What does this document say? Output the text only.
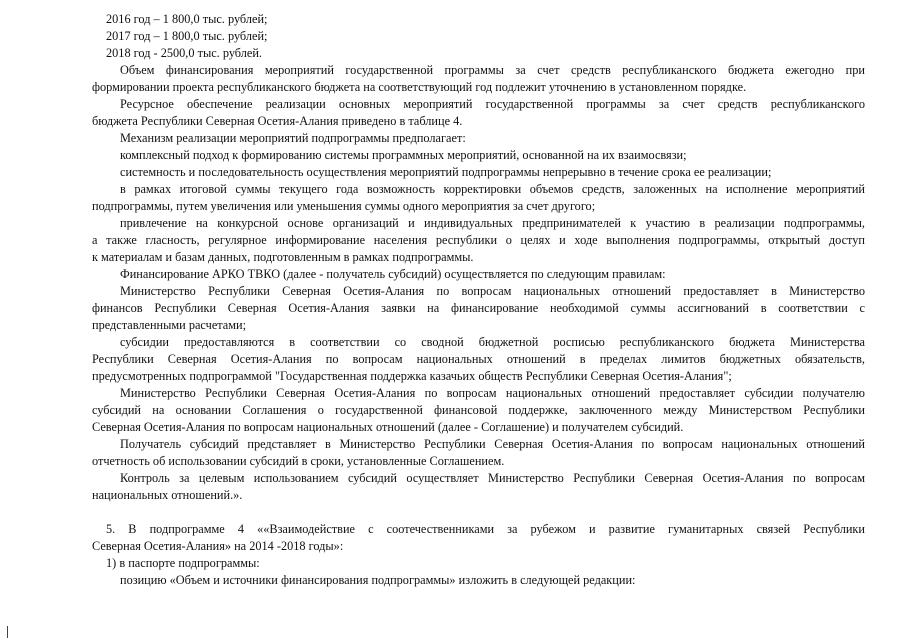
2016 год – 1 800,0 тыс. рублей;
2017 год – 1 800,0 тыс. рублей;
2018 год - 2500,0 тыс. рублей.
Объем финансирования мероприятий государственной программы за счет средств республиканского бюджета ежегодно при
формировании проекта республиканского бюджета на соответствующий год подлежит уточнению в установленном порядке.
Ресурсное обеспечение реализации основных мероприятий государственной программы за счет средств республиканского
бюджета Республики Северная Осетия-Алания приведено в таблице 4.
Механизм реализации мероприятий подпрограммы предполагает:
комплексный подход к формированию системы программных мероприятий, основанной на их взаимосвязи;
системность и последовательность осуществления мероприятий подпрограммы непрерывно в течение срока ее реализации;
в рамках итоговой суммы текущего года возможность корректировки объемов средств, заложенных на исполнение мероприятий
подпрограммы, путем увеличения или уменьшения суммы одного мероприятия за счет другого;
привлечение на конкурсной основе организаций и индивидуальных предпринимателей к участию в реализации подпрограммы,
а также гласность, регулярное информирование населения республики о целях и ходе выполнения подпрограммы, открытый доступ
к материалам и базам данных, подготовленным в рамках подпрограммы.
Финансирование АРКО ТВКО (далее - получатель субсидий) осуществляется по следующим правилам:
Министерство Республики Северная Осетия-Алания по вопросам национальных отношений предоставляет в Министерство
финансов Республики Северная Осетия-Алания заявки на финансирование необходимой суммы ассигнований в соответствии с
представленными расчетами;
субсидии предоставляются в соответствии со сводной бюджетной росписью республиканского бюджета Министерства
Республики Северная Осетия-Алания по вопросам национальных отношений в пределах лимитов бюджетных обязательств,
предусмотренных подпрограммой "Государственная поддержка казачьих обществ Республики Северная Осетия-Алания";
Министерство Республики Северная Осетия-Алания по вопросам национальных отношений предоставляет субсидии получателю
субсидий на основании Соглашения о государственной финансовой поддержке, заключенного между Министерством Республики
Северная Осетия-Алания по вопросам национальных отношений (далее - Соглашение) и получателем субсидий.
Получатель субсидий представляет в Министерство Республики Северная Осетия-Алания по вопросам национальных отношений
отчетность об использовании субсидий в сроки, установленные Соглашением.
Контроль за целевым использованием субсидий осуществляет Министерство Республики Северная Осетия-Алания по вопросам
национальных отношений.».
5. В подпрограмме 4 ««Взаимодействие с соотечественниками за рубежом и развитие гуманитарных связей Республики
Северная Осетия-Алания» на 2014 -2018 годы»:
1) в паспорте подпрограммы:
позицию «Объем и источники финансирования подпрограммы» изложить в следующей редакции:
